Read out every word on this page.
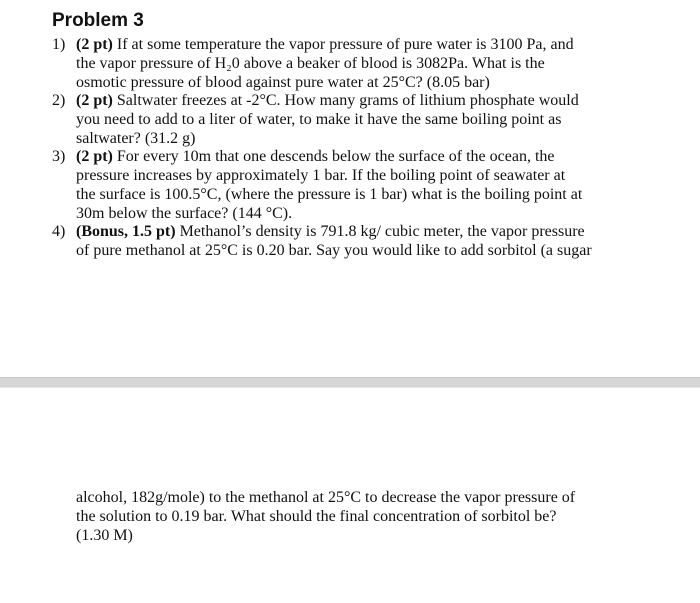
Problem 3
1) (2 pt) If at some temperature the vapor pressure of pure water is 3100 Pa, and
the vapor pressure of H₂0 above a beaker of blood is 3082Pa. What is the
osmotic pressure of blood against pure water at 25°C? (8.05 bar)
2) (2 pt) Saltwater freezes at -2°C. How many grams of lithium phosphate would
you need to add to a liter of water, to make it have the same boiling point as
saltwater? (31.2 g)
3) (2 pt) For every 10m that one descends below the surface of the ocean, the
pressure increases by approximately 1 bar. If the boiling point of seawater at
the surface is 100.5°C, (where the pressure is 1 bar) what is the boiling point at
30m below the surface? (144 °C).
4) (Bonus, 1.5 pt) Methanol’s density is 791.8 kg/ cubic meter, the vapor pressure
of pure methanol at 25°C is 0.20 bar. Say you would like to add sorbitol (a sugar
alcohol, 182g/mole) to the methanol at 25°C to decrease the vapor pressure of
the solution to 0.19 bar. What should the final concentration of sorbitol be?
(1.30 M)
